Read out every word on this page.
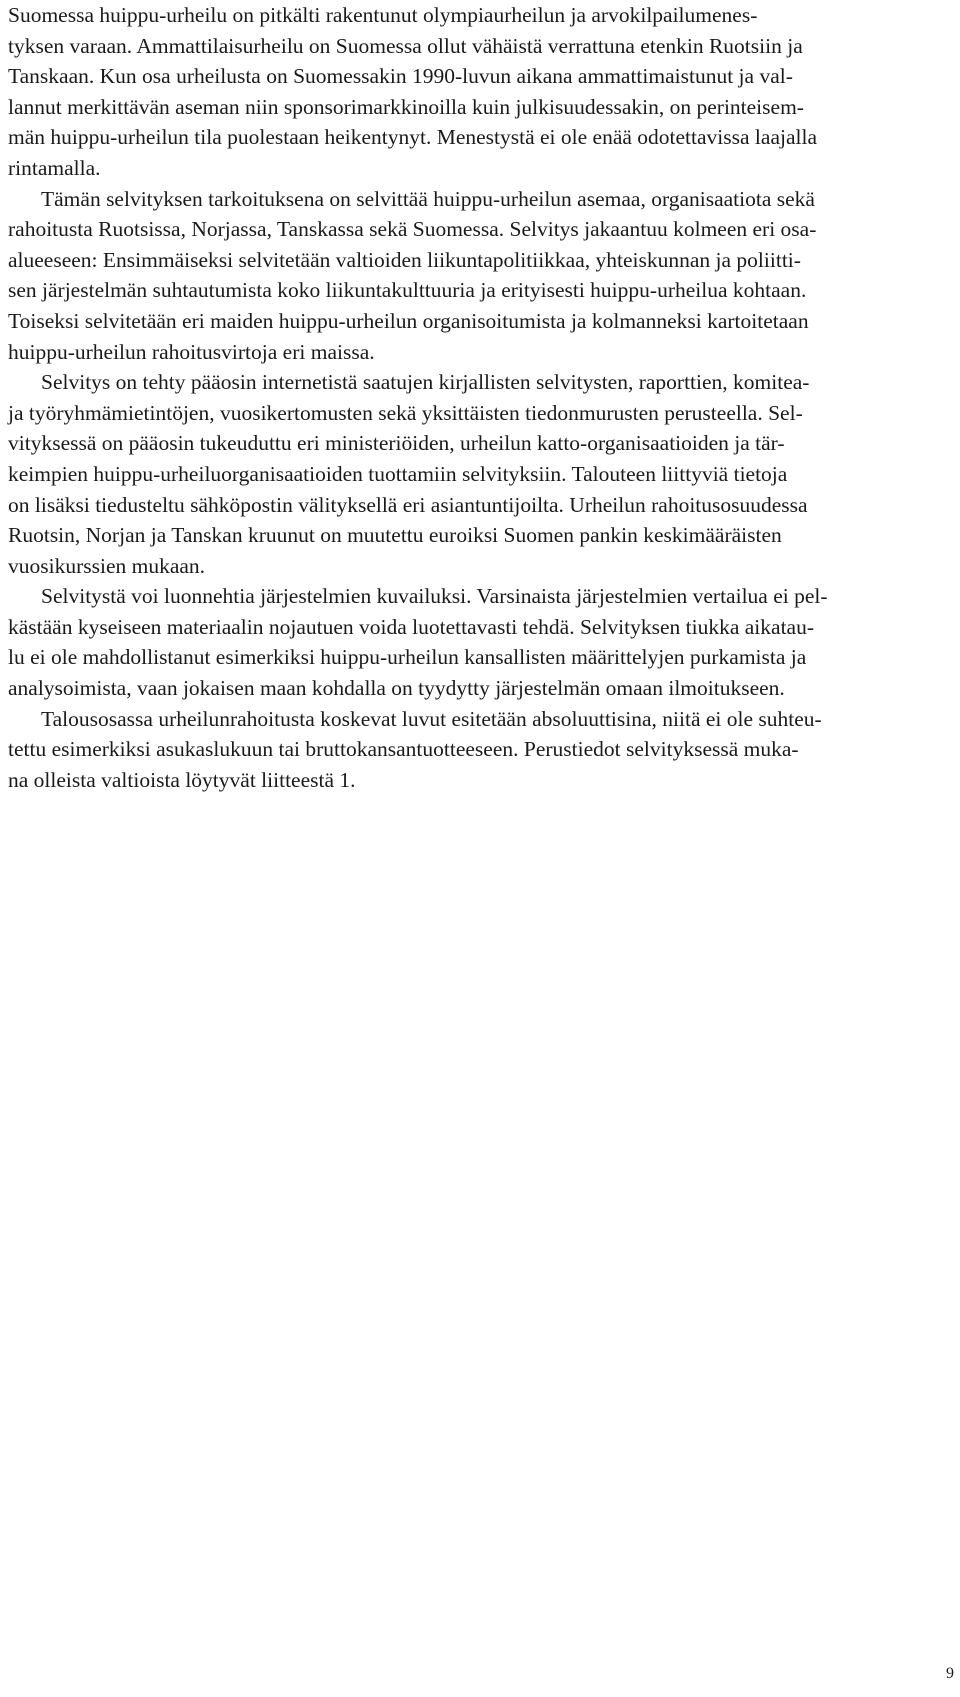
Suomessa huippu-urheilu on pitkälti rakentunut olympiaurheilun ja arvokilpailumenes-
tyksen varaan. Ammattilaisurheilu on Suomessa ollut vähäistä verrattuna etenkin Ruotsiin ja
Tanskaan. Kun osa urheilusta on Suomessakin 1990-luvun aikana ammattimaistunut ja val-
lannut merkittävän aseman niin sponsorimarkkinoilla kuin julkisuudessakin, on perinteisem-
män huippu-urheilun tila puolestaan heikentynyt. Menestystä ei ole enää odotettavissa laajalla
rintamalla.

Tämän selvityksen tarkoituksena on selvittää huippu-urheilun asemaa, organisaatiota sekä
rahoitusta Ruotsissa, Norjassa, Tanskassa sekä Suomessa. Selvitys jakaantuu kolmeen eri osa-
alueeseen: Ensimmäiseksi selvitetään valtioiden liikuntapolitiikkaa, yhteiskunnan ja poliitti-
sen järjestelmän suhtautumista koko liikuntakulttuuria ja erityisesti huippu-urheilua kohtaan.
Toiseksi selvitetään eri maiden huippu-urheilun organisoitumista ja kolmanneksi kartoitetaan
huippu-urheilun rahoitusvirtoja eri maissa.

Selvitys on tehty pääosin internetistä saatujen kirjallisten selvitysten, raporttien, komitea-
ja työryhmämietintöjen, vuosikertomusten sekä yksittäisten tiedonmurusten perusteella. Sel-
vityksessä on pääosin tukeuduttu eri ministeriöiden, urheilun katto-organisaatioiden ja tär-
keimpien huippu-urheiluorganisaatioiden tuottamiin selvityksiin. Talouteen liittyviä tietoja
on lisäksi tiedusteltu sähköpostin välityksellä eri asiantuntijoilta. Urheilun rahoitusosuudessa
Ruotsin, Norjan ja Tanskan kruunut on muutettu euroiksi Suomen pankin keskimääräisten
vuosikurssien mukaan.

Selvitystä voi luonnehtia järjestelmien kuvailuksi. Varsinaista järjestelmien vertailua ei pel-
kästään kyseiseen materiaalin nojautuen voida luotettavasti tehdä. Selvityksen tiukka aikatau-
lu ei ole mahdollistanut esimerkiksi huippu-urheilun kansallisten määrittelyjen purkamista ja
analysoimista, vaan jokaisen maan kohdalla on tyydytty järjestelmän omaan ilmoitukseen.

Talousosassa urheilunrahoitusta koskevat luvut esitetään absoluuttisina, niitä ei ole suhteu-
tettu esimerkiksi asukaslukuun tai bruttokansantuotteeseen. Perustiedot selvityksessä muka-
na olleista valtioista löytyvät liitteestä 1.

9
